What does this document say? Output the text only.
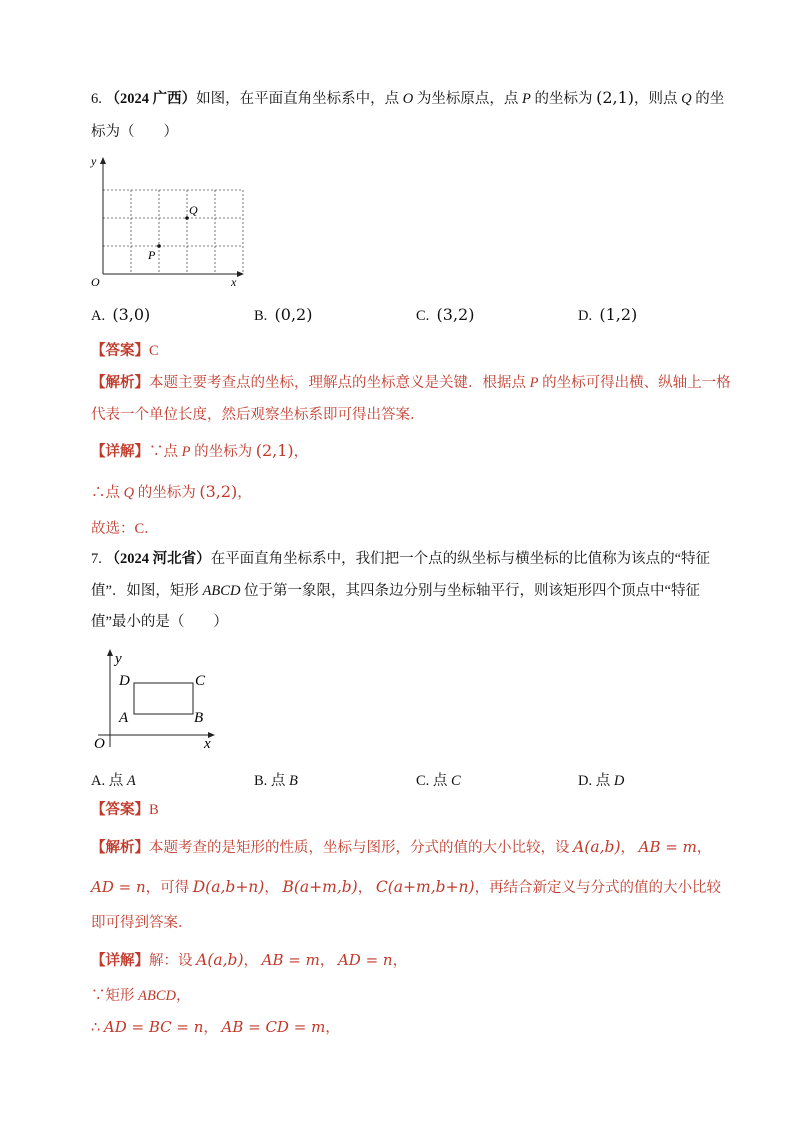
6. （2024 广西）如图，在平面直角坐标系中，点 O 为坐标原点，点 P 的坐标为 (2,1)，则点 Q 的坐
标为（　　）
y
x
O
P
Q
A. (3,0)	B. (0,2)	C. (3,2)	D. (1,2)
【答案】C
【解析】本题主要考查点的坐标，理解点的坐标意义是关键．根据点 P 的坐标可得出横、纵轴上一格
代表一个单位长度，然后观察坐标系即可得出答案．
【详解】∵点 P 的坐标为 (2,1)，
∴点 Q 的坐标为 (3,2)，
故选：C．
7. （2024 河北省）在平面直角坐标系中，我们把一个点的纵坐标与横坐标的比值称为该点的“特征
值”．如图，矩形 ABCD 位于第一象限，其四条边分别与坐标轴平行，则该矩形四个顶点中“特征
值”最小的是（　　）
y
x
O
A	B
C
D
A. 点 A	B. 点 B	C. 点 C	D. 点 D
【答案】B
【解析】本题考查的是矩形的性质，坐标与图形，分式的值的大小比较，设 A(a,b)， AB = m，
AD = n，可得 D(a,b+n)， B(a+m,b)， C(a+m,b+n)，再结合新定义与分式的值的大小比较
即可得到答案．
【详解】解：设 A(a,b)， AB = m， AD = n，
∵矩形 ABCD，
∴ AD = BC = n， AB = CD = m，
